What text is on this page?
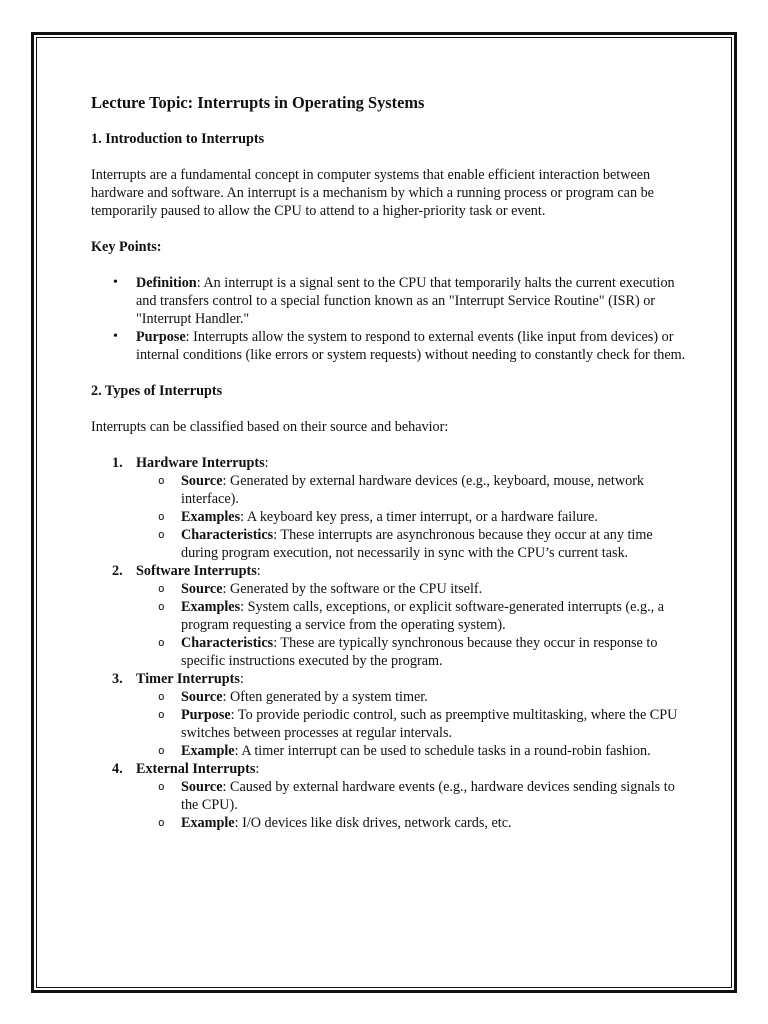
Lecture Topic: Interrupts in Operating Systems
1. Introduction to Interrupts

Interrupts are a fundamental concept in computer systems that enable efficient interaction between hardware and software. An interrupt is a mechanism by which a running process or program can be temporarily paused to allow the CPU to attend to a higher-priority task or event.

Key Points:
• Definition: An interrupt is a signal sent to the CPU that temporarily halts the current execution and transfers control to a special function known as an "Interrupt Service Routine" (ISR) or "Interrupt Handler."
• Purpose: Interrupts allow the system to respond to external events (like input from devices) or internal conditions (like errors or system requests) without needing to constantly check for them.
2. Types of Interrupts

Interrupts can be classified based on their source and behavior:

1. Hardware Interrupts:
o Source: Generated by external hardware devices (e.g., keyboard, mouse, network interface).
o Examples: A keyboard key press, a timer interrupt, or a hardware failure.
o Characteristics: These interrupts are asynchronous because they occur at any time during program execution, not necessarily in sync with the CPU’s current task.
2. Software Interrupts:
o Source: Generated by the software or the CPU itself.
o Examples: System calls, exceptions, or explicit software-generated interrupts (e.g., a program requesting a service from the operating system).
o Characteristics: These are typically synchronous because they occur in response to specific instructions executed by the program.
3. Timer Interrupts:
o Source: Often generated by a system timer.
o Purpose: To provide periodic control, such as preemptive multitasking, where the CPU switches between processes at regular intervals.
o Example: A timer interrupt can be used to schedule tasks in a round-robin fashion.
4. External Interrupts:
o Source: Caused by external hardware events (e.g., hardware devices sending signals to the CPU).
o Example: I/O devices like disk drives, network cards, etc.
